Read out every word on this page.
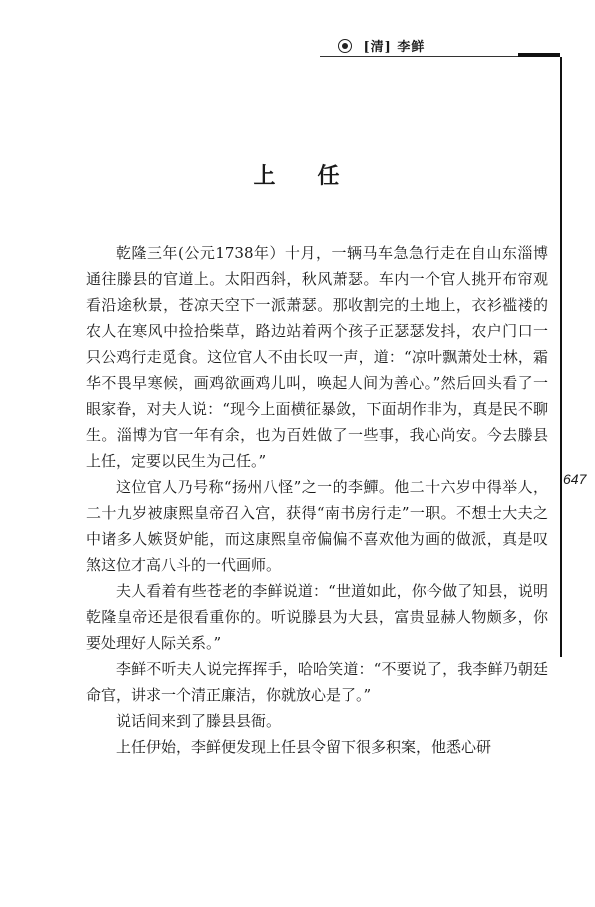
[清] 李鲜
上 任
647

乾隆三年(公元1738年）十月，一辆马车急急行走在自山东淄博通往滕县的官道上。太阳西斜，秋风萧瑟。车内一个官人挑开布帘观看沿途秋景，苍凉天空下一派萧瑟。那收割完的土地上，衣衫褴褛的农人在寒风中捡拾柴草，路边站着两个孩子正瑟瑟发抖，农户门口一只公鸡行走觅食。这位官人不由长叹一声，道：“凉叶飘萧处士林，霜华不畏早寒候，画鸡欲画鸡儿叫，唤起人间为善心。”然后回头看了一眼家眷，对夫人说：“现今上面横征暴敛，下面胡作非为，真是民不聊生。淄博为官一年有余，也为百姓做了一些事，我心尚安。今去滕县上任，定要以民生为己任。”

这位官人乃号称“扬州八怪”之一的李鱓。他二十六岁中得举人，二十九岁被康熙皇帝召入宫，获得“南书房行走”一职。不想士大夫之中诸多人嫉贤妒能，而这康熙皇帝偏偏不喜欢他为画的做派，真是叹煞这位才高八斗的一代画师。

夫人看着有些苍老的李鲜说道：“世道如此，你今做了知县，说明乾隆皇帝还是很看重你的。听说滕县为大县，富贵显赫人物颇多，你要处理好人际关系。”

李鲜不听夫人说完挥挥手，哈哈笑道：“不要说了，我李鲜乃朝廷命官，讲求一个清正廉洁，你就放心是了。”

说话间来到了滕县县衙。

上任伊始，李鲜便发现上任县令留下很多积案，他悉心研
